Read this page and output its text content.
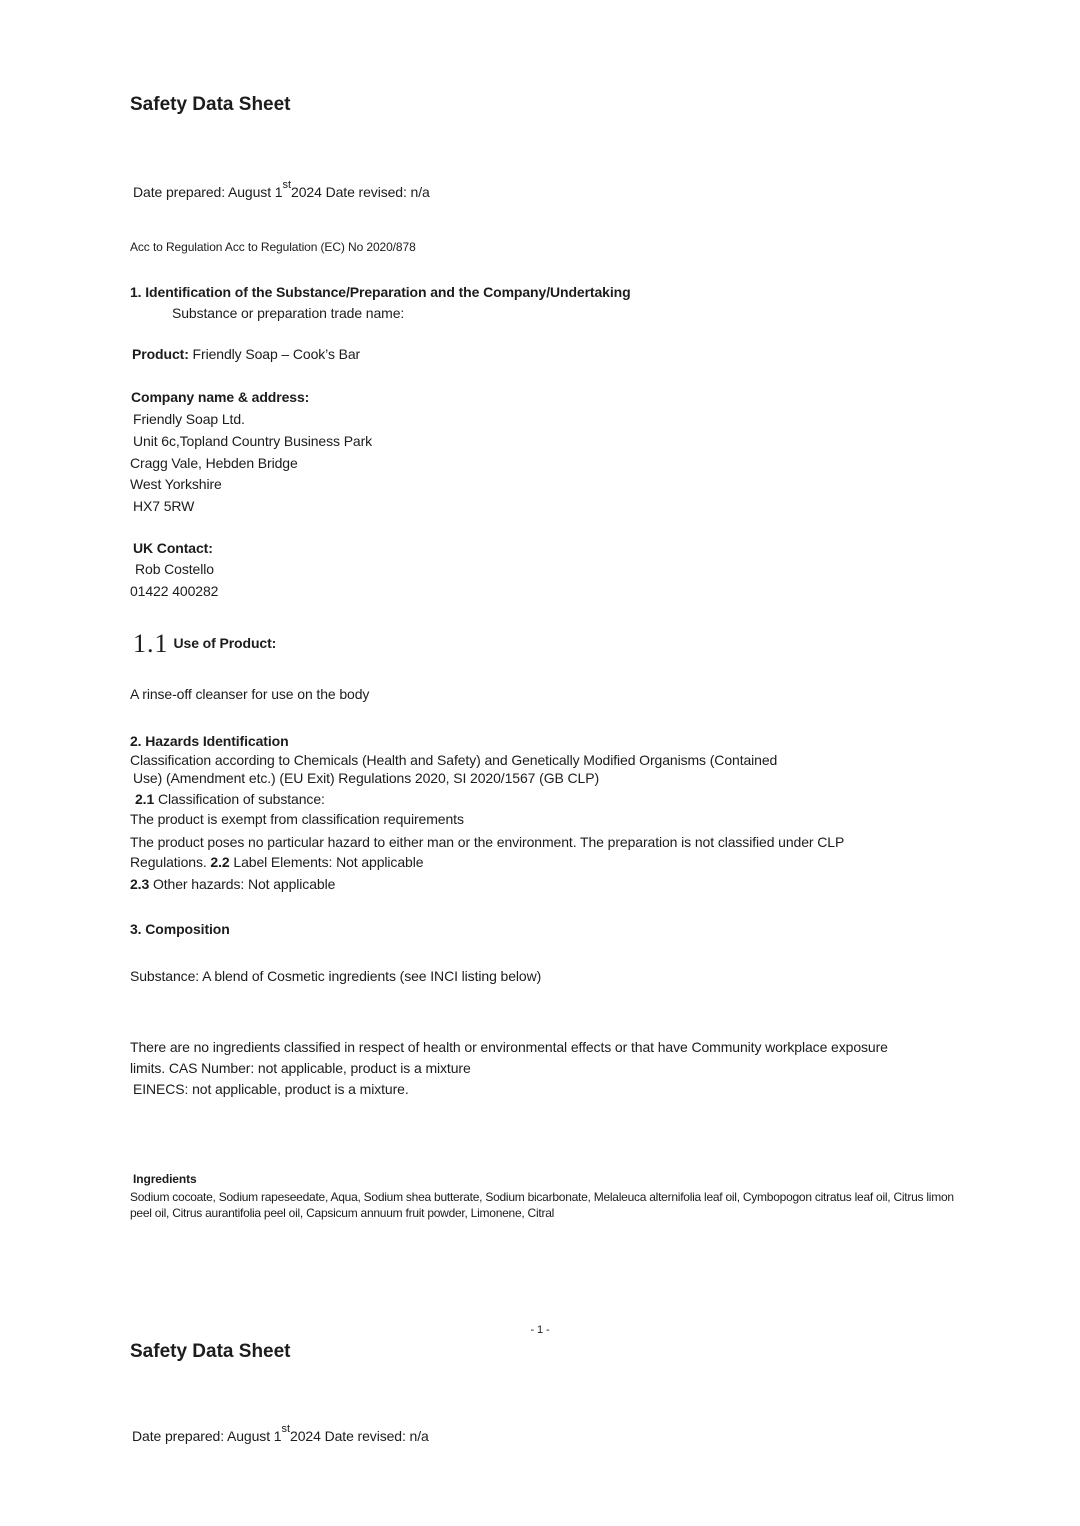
Safety Data Sheet
Date prepared: August 1st2024 Date revised: n/a
Acc to Regulation Acc to Regulation (EC) No 2020/878
1. Identification of the Substance/Preparation and the Company/Undertaking
Substance or preparation trade name:
Product: Friendly Soap – Cook’s Bar
Company name & address:
Friendly Soap Ltd.
Unit 6c,Topland Country Business Park
Cragg Vale, Hebden Bridge
West Yorkshire
HX7 5RW
UK Contact:
Rob Costello
01422 400282
1.1 Use of Product:
A rinse-off cleanser for use on the body
2. Hazards Identification
Classification according to Chemicals (Health and Safety) and Genetically Modified Organisms (Contained
Use) (Amendment etc.) (EU Exit) Regulations 2020, SI 2020/1567 (GB CLP)
2.1 Classification of substance:
The product is exempt from classification requirements
The product poses no particular hazard to either man or the environment. The preparation is not classified under CLP
Regulations. 2.2 Label Elements: Not applicable
2.3 Other hazards: Not applicable
3. Composition
Substance: A blend of Cosmetic ingredients (see INCI listing below)
There are no ingredients classified in respect of health or environmental effects or that have Community workplace exposure
limits. CAS Number: not applicable, product is a mixture
EINECS: not applicable, product is a mixture.
Ingredients
Sodium cocoate, Sodium rapeseedate, Aqua, Sodium shea butterate, Sodium bicarbonate, Melaleuca alternifolia leaf oil, Cymbopogon citratus leaf oil, Citrus limon
peel oil, Citrus aurantifolia peel oil, Capsicum annuum fruit powder, Limonene, Citral
- 1 -
Safety Data Sheet
Date prepared: August 1st2024 Date revised: n/a
